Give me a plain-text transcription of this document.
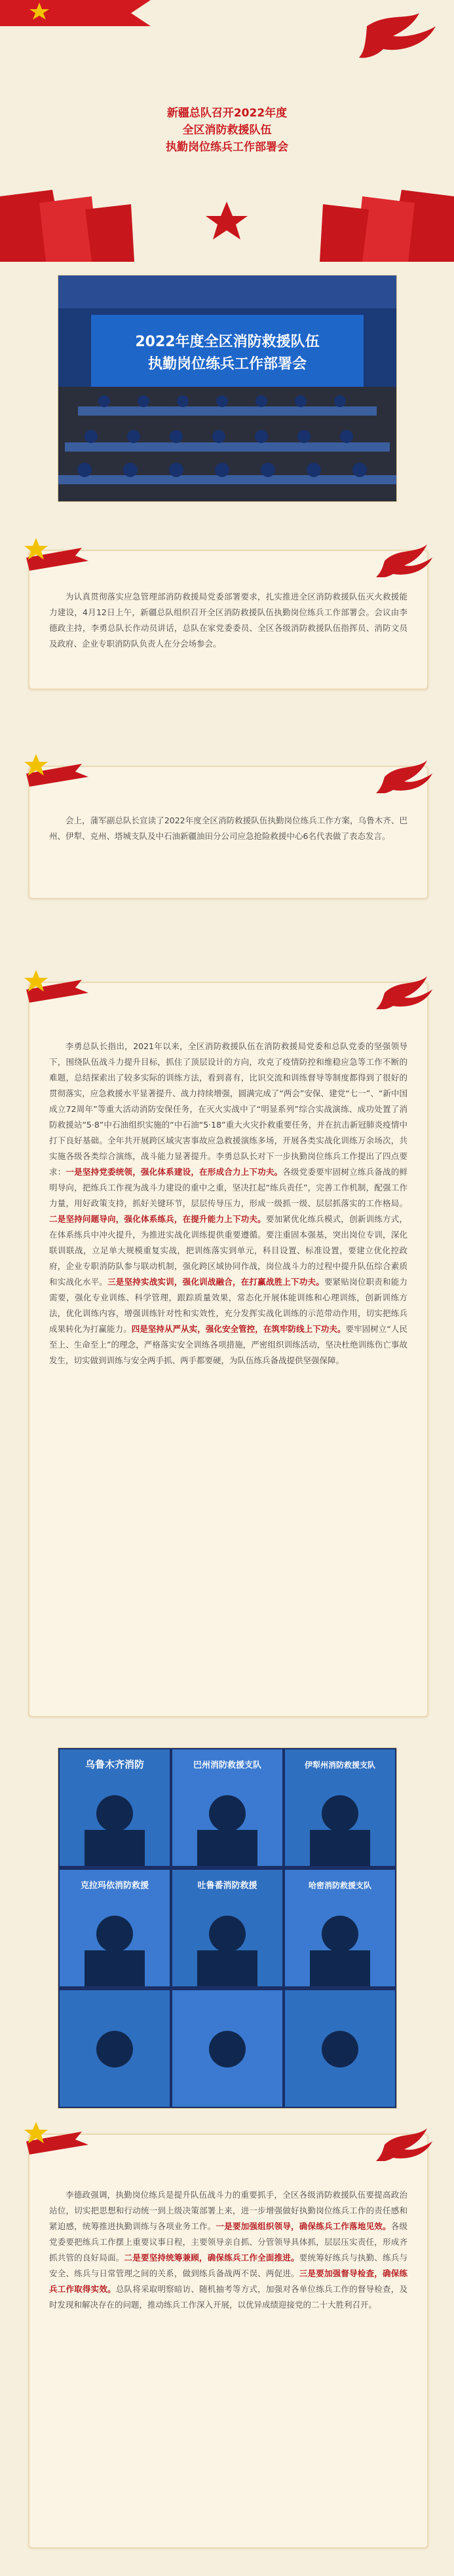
新疆总队召开2022年度
全区消防救援队伍
执勤岗位练兵工作部署会
2022年度全区消防救援队伍
执勤岗位练兵工作部署会

为认真贯彻落实应急管理部消防救援局党委部署要求，扎实推进全区消防救援队伍灭火救援能力建设，4月12日上午，新疆总队组织召开全区消防救援队伍执勤岗位练兵工作部署会。会议由李德政主持，李勇总队长作动员讲话，总队在家党委委员、全区各级消防救援队伍指挥员、消防文员及政府、企业专职消防队负责人在分会场参会。

会上，蒲军副总队长宣读了2022年度全区消防救援队伍执勤岗位练兵工作方案，乌鲁木齐、巴州、伊犁、克州、塔城支队及中石油新疆油田分公司应急抢险救援中心6名代表做了表态发言。

李勇总队长指出，2021年以来，全区消防救援队伍在消防救援局党委和总队党委的坚强领导下，围绕队伍战斗力提升目标，抓住了顶层设计的方向，攻克了疫情防控和维稳应急等工作不断的难题，总结探索出了较多实际的训练方法，看到喜有，比识交流和训练督导等制度都得到了很好的贯彻落实，应急救援水平显著提升、战力持续增强，圆满完成了“两会”安保、建党“七一”、“新中国成立72周年”等重大活动消防安保任务，在灭火实战中了“明显系列”综合实战演练、成功处置了消防救援站“5·8”中石油组织实施的“中石油“5·18”重大火灾扑救重要任务，并在抗击新冠肺炎疫情中打下良好基础。全年共开展跨区域灾害事故应急救援演练多场，开展各类实战化训练万余场次，共实施各级各类综合演练，战斗能力显著提升。李勇总队长对下一步执勤岗位练兵工作提出了四点要求：一是坚持党委统领，强化体系建设，在形成合力上下功夫。各级党委要牢固树立练兵备战的鲜明导向，把练兵工作视为战斗力建设的重中之重，坚决扛起“练兵责任”，完善工作机制，配强工作力量，用好政策支持，抓好关键环节，层层传导压力，形成一级抓一级、层层抓落实的工作格局。二是坚持问题导向，强化体系练兵，在提升能力上下功夫。要加紧优化练兵模式，创新训练方式，在体系练兵中冲火提升，为推进实战化训练提供重要遵循。要注重固本强基，突出岗位专训，深化联训联战，立足单大规模重复实战，把训练落实到单元，科目设置、标准设置，要建立优化控政府，企业专职消防队参与联动机制，强化跨区域协同作战，岗位战斗力的过程中提升队伍综合素质和实战化水平。三是坚持实战实训，强化训战融合，在打赢战胜上下功夫。要紧贴岗位职责和能力需要，强化专业训练、科学管理，跟踪质量效果，常态化开展体能训练和心理训练，创新训练方法，优化训练内容，增强训练针对性和实效性，充分发挥实战化训练的示范带动作用，切实把练兵成果转化为打赢能力。四是坚持从严从实，强化安全管控，在筑牢防线上下功夫。要牢固树立“人民至上、生命至上”的理念，严格落实安全训练各项措施，严密组织训练活动，坚决杜绝训练伤亡事故发生，切实做到训练与安全两手抓、两手都要硬，为队伍练兵备战提供坚强保障。

乌鲁木齐消防	巴州消防救援支队	伊犁州消防救援支队
克拉玛依消防救援	吐鲁番消防救援	哈密消防救援支队

李德政强调，执勤岗位练兵是提升队伍战斗力的重要抓手，全区各级消防救援队伍要提高政治站位，切实把思想和行动统一到上级决策部署上来，进一步增强做好执勤岗位练兵工作的责任感和紧迫感，统筹推进执勤训练与各项业务工作。一是要加强组织领导，确保练兵工作落地见效。各级党委要把练兵工作摆上重要议事日程，主要领导亲自抓、分管领导具体抓，层层压实责任，形成齐抓共管的良好局面。二是要坚持统筹兼顾，确保练兵工作全面推进。要统筹好练兵与执勤、练兵与安全、练兵与日常管理之间的关系，做到练兵备战两不误、两促进。三是要加强督导检查，确保练兵工作取得实效。总队将采取明察暗访、随机抽考等方式，加强对各单位练兵工作的督导检查，及时发现和解决存在的问题，推动练兵工作深入开展，以优异成绩迎接党的二十大胜利召开。
